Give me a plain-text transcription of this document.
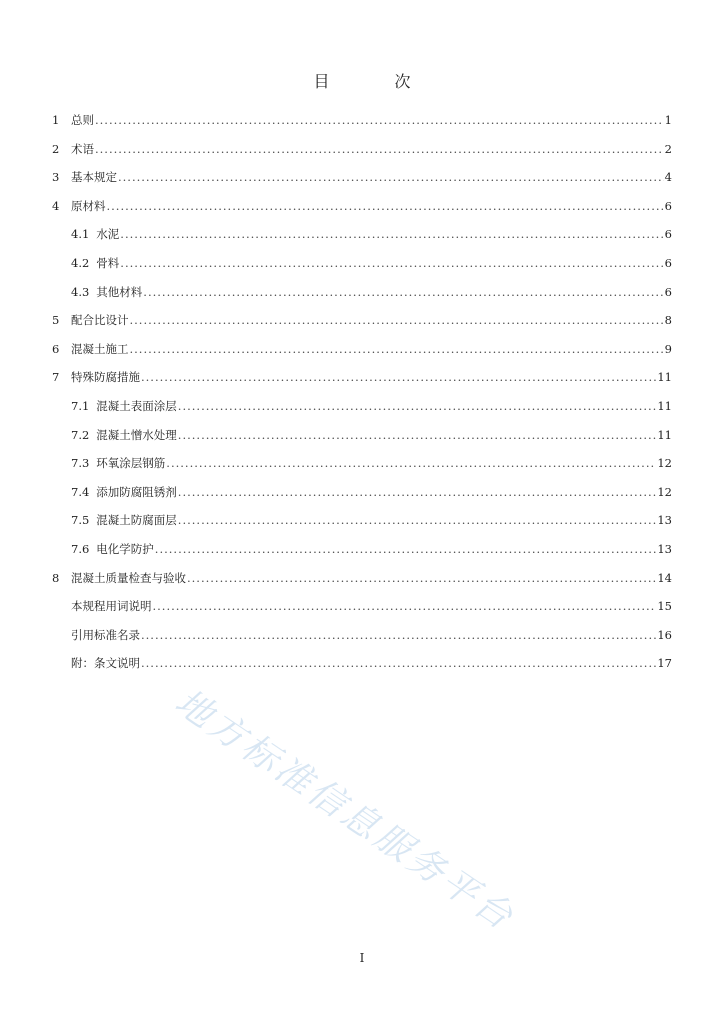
目 次
1	总则 .....	1
2	术语 .....	2
3	基本规定 .....	4
4	原材料 .....	6
4.1 水泥 .....	6
4.2 骨料 .....	6
4.3 其他材料 .....	6
5	配合比设计 .....	8
6	混凝土施工 .....	9
7	特殊防腐措施 .....	11
7.1 混凝土表面涂层 .....	11
7.2 混凝土憎水处理 .....	11
7.3 环氧涂层钢筋 .....	12
7.4 添加防腐阻锈剂 .....	12
7.5 混凝土防腐面层 .....	13
7.6 电化学防护 .....	13
8	混凝土质量检查与验收 .....	14
本规程用词说明 .....	15
引用标准名录 .....	16
附：条文说明 .....	17
I
地方标准信息服务平台
